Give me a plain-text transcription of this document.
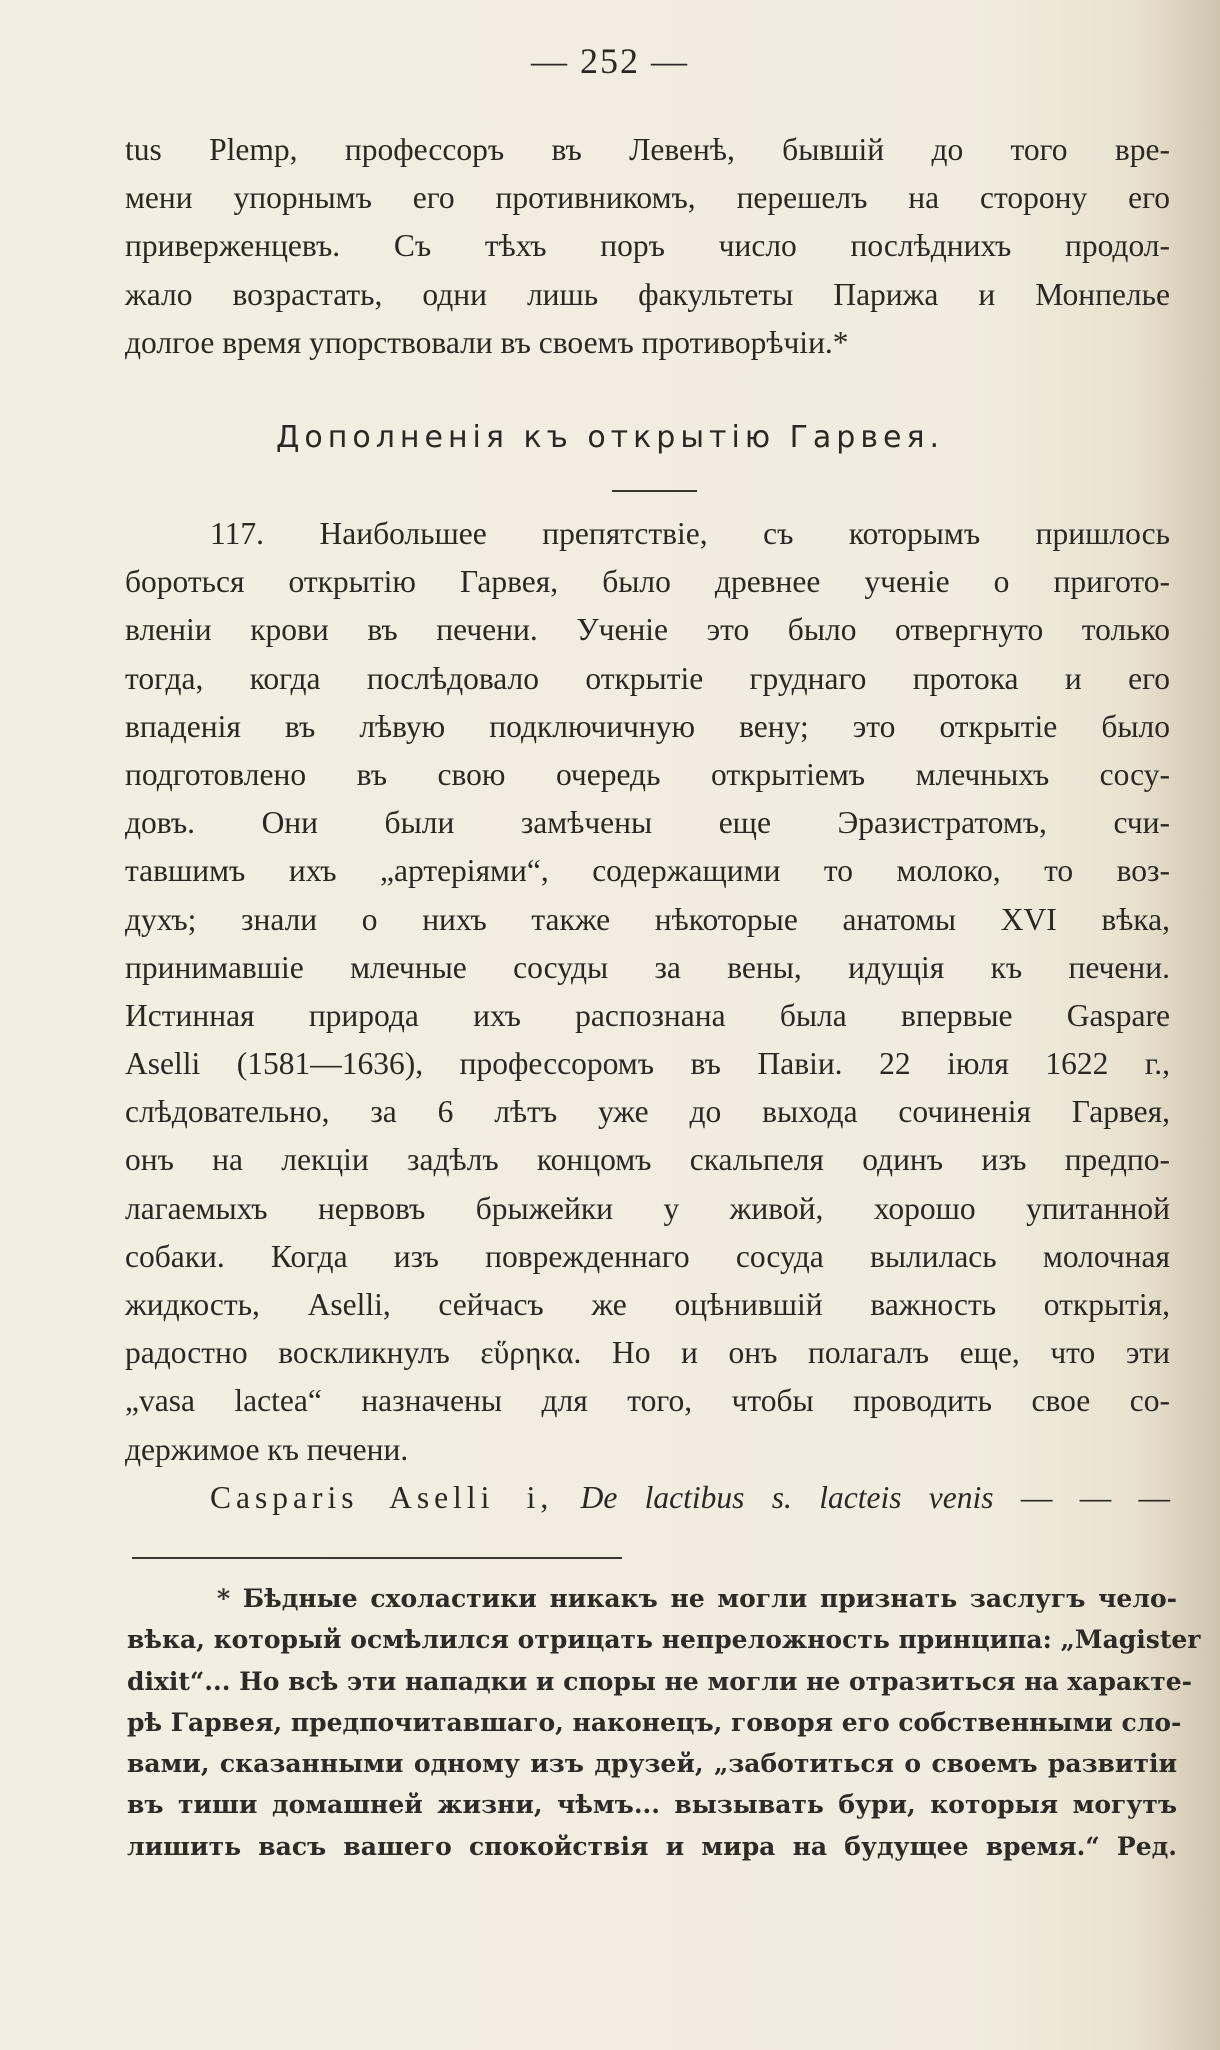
— 252 —
tus Plemp, профессоръ въ Левенѣ, бывшій до того вре-
мени упорнымъ его противникомъ, перешелъ на сторону его
приверженцевъ. Съ тѣхъ поръ число послѣднихъ продол-
жало возрастать, одни лишь факультеты Парижа и Монпелье
долгое время упорствовали въ своемъ противорѣчіи.*
Дополненія къ открытію Гарвея.
117. Наибольшее препятствіе, съ которымъ пришлось
бороться открытію Гарвея, было древнее ученіе о пригото-
вленіи крови въ печени. Ученіе это было отвергнуто только
тогда, когда послѣдовало открытіе груднаго протока и его
впаденія въ лѣвую подключичную вену; это открытіе было
подготовлено въ свою очередь открытіемъ млечныхъ сосу-
довъ. Они были замѣчены еще Эразистратомъ, счи-
тавшимъ ихъ „артеріями“, содержащими то молоко, то воз-
духъ; знали о нихъ также нѣкоторые анатомы XVI вѣка,
принимавшіе млечные сосуды за вены, идущія къ печени.
Истинная природа ихъ распознана была впервые Gaspare
Aselli (1581—1636), профессоромъ въ Павіи. 22 іюля 1622 г.,
слѣдовательно, за 6 лѣтъ уже до выхода сочиненія Гарвея,
онъ на лекціи задѣлъ концомъ скальпеля одинъ изъ предпо-
лагаемыхъ нервовъ брыжейки у живой, хорошо упитанной
собаки. Когда изъ поврежденнаго сосуда вылилась молочная
жидкость, Aselli, сейчасъ же оцѣнившій важность открытія,
радостно воскликнулъ εὕρηκα. Но и онъ полагалъ еще, что эти
„vasa lactea“ назначены для того, чтобы проводить свое со-
держимое къ печени.
Casparis Aselli i, De lactibus s. lacteis venis — — —
* Бѣдные схоластики никакъ не могли признать заслугъ чело-
вѣка, который осмѣлился отрицать непреложность принципа: „Magister
dixit“... Но всѣ эти нападки и споры не могли не отразиться на характе-
рѣ Гарвея, предпочитавшаго, наконецъ, говоря его собственными сло-
вами, сказанными одному изъ друзей, „заботиться о своемъ развитіи
въ тиши домашней жизни, чѣмъ... вызывать бури, которыя могутъ
лишить васъ вашего спокойствія и мира на будущее время.“ Ред.
